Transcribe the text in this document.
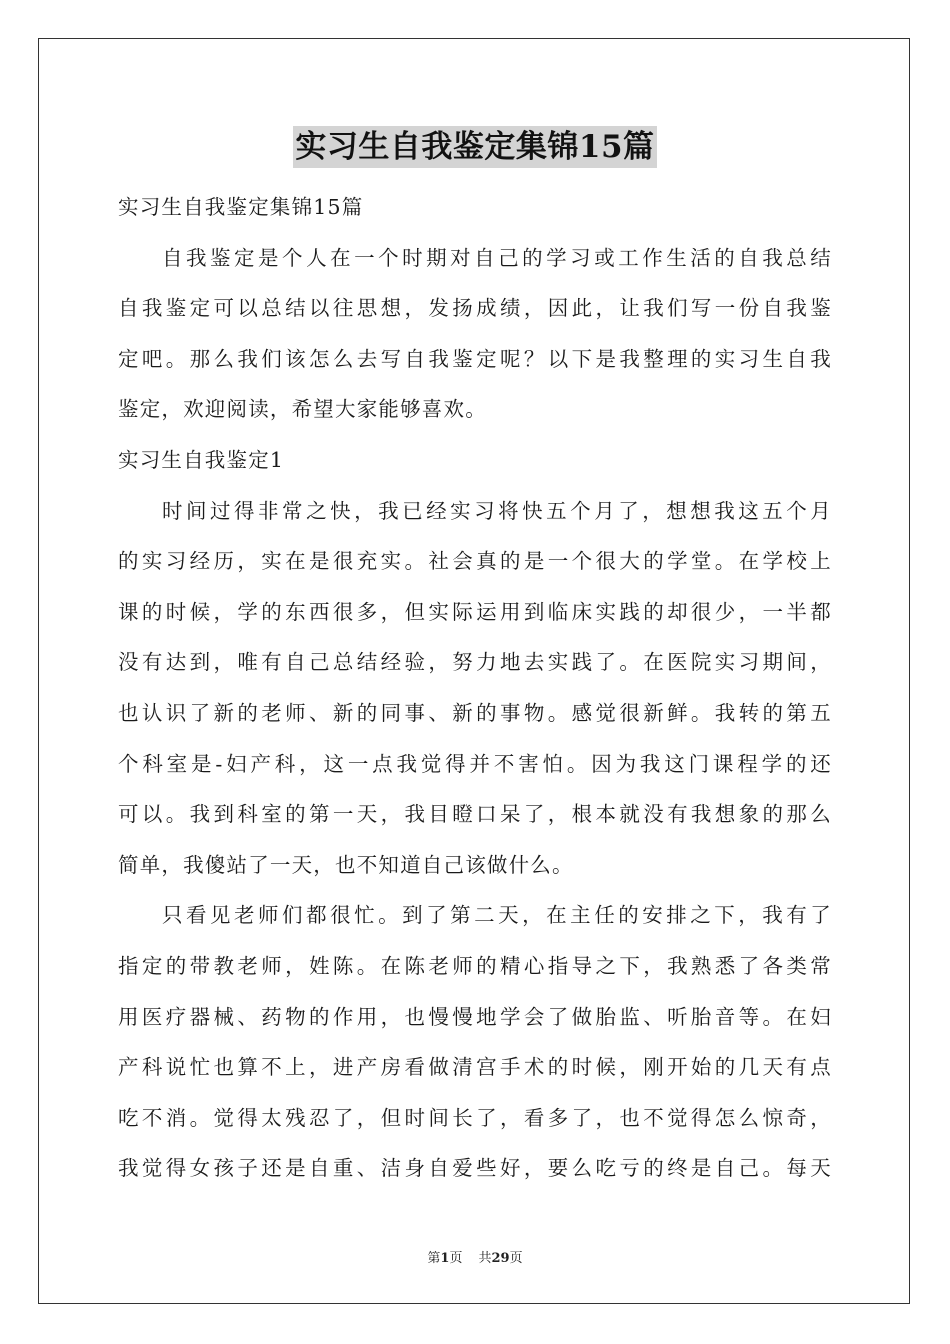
实习生自我鉴定集锦15篇
实习生自我鉴定集锦15篇
自我鉴定是个人在一个时期对自己的学习或工作生活的自我总结
自我鉴定可以总结以往思想，发扬成绩，因此，让我们写一份自我鉴
定吧。那么我们该怎么去写自我鉴定呢？以下是我整理的实习生自我
鉴定，欢迎阅读，希望大家能够喜欢。
实习生自我鉴定1
时间过得非常之快，我已经实习将快五个月了，想想我这五个月
的实习经历，实在是很充实。社会真的是一个很大的学堂。在学校上
课的时候，学的东西很多，但实际运用到临床实践的却很少，一半都
没有达到，唯有自己总结经验，努力地去实践了。在医院实习期间，
也认识了新的老师、新的同事、新的事物。感觉很新鲜。我转的第五
个科室是-妇产科，这一点我觉得并不害怕。因为我这门课程学的还
可以。我到科室的第一天，我目瞪口呆了，根本就没有我想象的那么
简单，我傻站了一天，也不知道自己该做什么。
只看见老师们都很忙。到了第二天，在主任的安排之下，我有了
指定的带教老师，姓陈。在陈老师的精心指导之下，我熟悉了各类常
用医疗器械、药物的作用，也慢慢地学会了做胎监、听胎音等。在妇
产科说忙也算不上，进产房看做清宫手术的时候，刚开始的几天有点
吃不消。觉得太残忍了，但时间长了，看多了，也不觉得怎么惊奇，
我觉得女孩子还是自重、洁身自爱些好，要么吃亏的终是自己。每天
第1页 共29页
